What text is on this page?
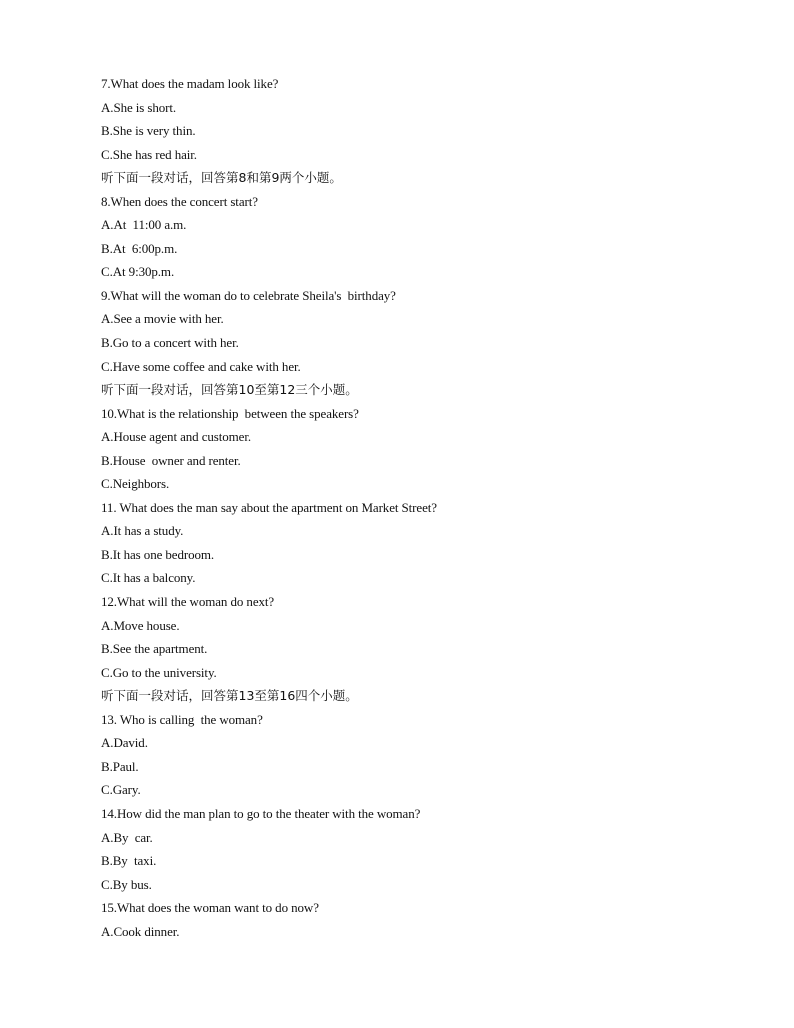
7.What does the madam look like?
A.She is short.
B.She is very thin.
C.She has red hair.
听下面一段对话，回答第8和第9两个小题。
8.When does the concert start?
A.At  11:00 a.m.
B.At  6:00p.m.
C.At 9:30p.m.
9.What will the woman do to celebrate Sheila's  birthday?
A.See a movie with her.
B.Go to a concert with her.
C.Have some coffee and cake with her.
听下面一段对话，回答第10至第12三个小题。
10.What is the relationship  between the speakers?
A.House agent and customer.
B.House  owner and renter.
C.Neighbors.
11. What does the man say about the apartment on Market Street?
A.It has a study.
B.It has one bedroom.
C.It has a balcony.
12.What will the woman do next?
A.Move house.
B.See the apartment.
C.Go to the university.
听下面一段对话，回答第13至第16四个小题。
13. Who is calling  the woman?
A.David.
B.Paul.
C.Gary.
14.How did the man plan to go to the theater with the woman?
A.By  car.
B.By  taxi.
C.By bus.
15.What does the woman want to do now?
A.Cook dinner.
